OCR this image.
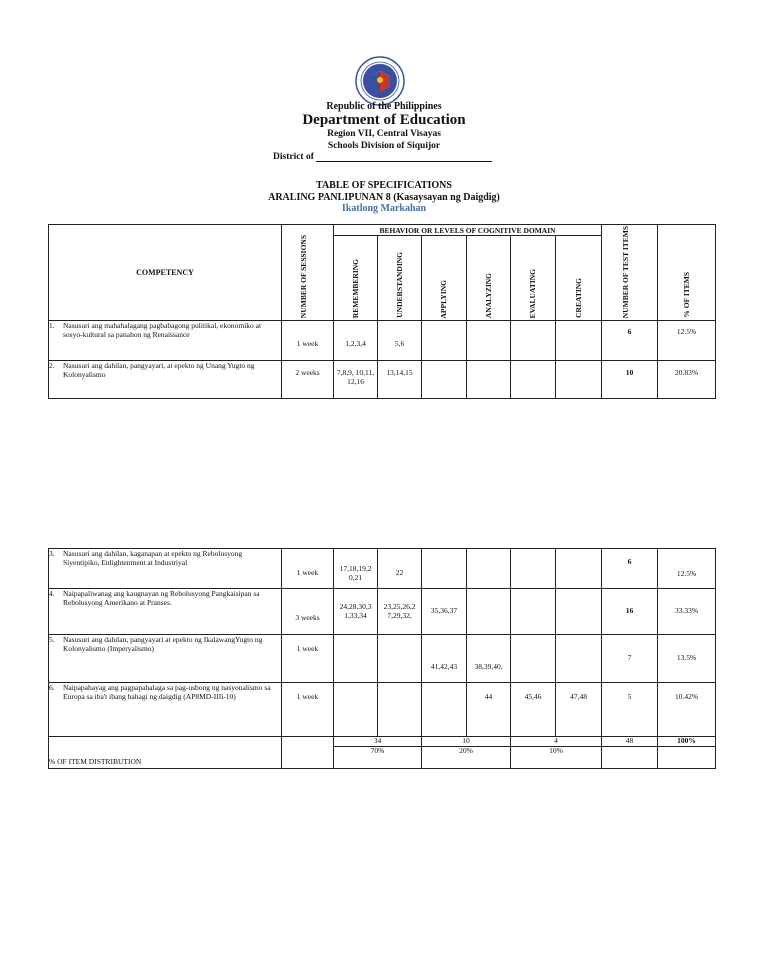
Republic of the Philippines
Department of Education
Region VII, Central Visayas
Schools Division of Siquijor
District of
TABLE OF SPECIFICATIONS
ARALING PANLIPUNAN 8 (Kasaysayan ng Daigdig)
Ikatlong Markahan
COMPETENCY	NUMBER OF SESSIONS	BEHAVIOR OR LEVELS OF COGNITIVE DOMAIN						NUMBER OF TEST ITEMS	% OF ITEMS
		REMEMBERING	UNDERSTANDING	APPLYING	ANALYZING	EVALUATING	CREATING		
1. Nasusuri ang mahahalagang pagbabagong pulitikal, ekonomiko at sosyo-kultural sa panahon ng Renaissance	1 week	1,2,3,4	5,6					6	12.5%
2. Nasusuri ang dahilan, pangyayari, at epekto ng Unang Yugto ng Kolonyalismo	2 weeks	7,8,9, 10,11, 12,16	13,14,15					10	20.83%
3. Nasusuri ang dahilan, kaganapan at epekto ng Rebolusyong Siyentipiko, Enlightenment at Industriyal	1 week	17,18,19,2 0,21	22					6	12.5%
4. Naipapaliwanag ang kaugnayan ng Rebolusyong Pangkaisipan sa Rebolusyong Amerikano at Pranses.	3 weeks	24,28,30,3 1,33,34	23,25,26,2 7,29,32,	35,36,37				16	33.33%
5. Nasusuri ang dahilan, pangyayari at epekto ng IkalawangYugto ng Kolonyalismo (Imperyalismo)	1 week			41,42,43	38,39,40,			7	13.5%
6. Naipapahayag ang pagpapahalaga sa pag-usbong ng nasyonalismo sa Europa sa iba't ibang bahagi ng daigdig (AP8MD-IIIi-10)	1 week				44	45,46	47,48	5	10.42%
% OF ITEM DISTRIBUTION		34		10		4		48	100%
		70%		20%		10%			
